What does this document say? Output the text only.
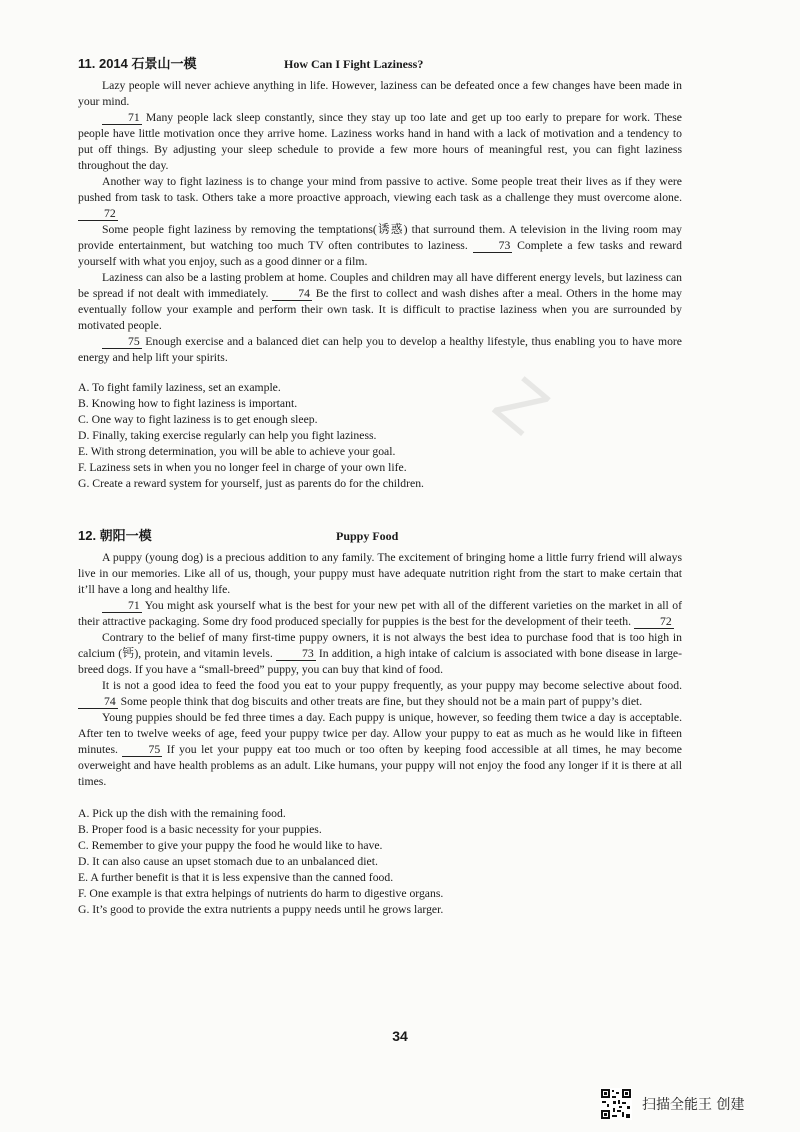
11. 2014 石景山一模	How Can I Fight Laziness?

Lazy people will never achieve anything in life. However, laziness can be defeated once a few changes have been made in your mind.

71 Many people lack sleep constantly, since they stay up too late and get up too early to prepare for work. These people have little motivation once they arrive home. Laziness works hand in hand with a lack of motivation and a tendency to put off things. By adjusting your sleep schedule to provide a few more hours of meaningful rest, you can fight laziness throughout the day.

Another way to fight laziness is to change your mind from passive to active. Some people treat their lives as if they were pushed from task to task. Others take a more proactive approach, viewing each task as a challenge they must overcome alone. 72

Some people fight laziness by removing the temptations(诱惑) that surround them. A television in the living room may provide entertainment, but watching too much TV often contributes to laziness. 73 Complete a few tasks and reward yourself with what you enjoy, such as a good dinner or a film.

Laziness can also be a lasting problem at home. Couples and children may all have different energy levels, but laziness can be spread if not dealt with immediately. 74 Be the first to collect and wash dishes after a meal. Others in the home may eventually follow your example and perform their own task. It is difficult to practise laziness when you are surrounded by motivated people.

75 Enough exercise and a balanced diet can help you to develop a healthy lifestyle, thus enabling you to have more energy and help lift your spirits.

A. To fight family laziness, set an example.

B. Knowing how to fight laziness is important.

C. One way to fight laziness is to get enough sleep.

D. Finally, taking exercise regularly can help you fight laziness.

E. With strong determination, you will be able to achieve your goal.

F. Laziness sets in when you no longer feel in charge of your own life.

G. Create a reward system for yourself, just as parents do for the children.

12. 朝阳一模	Puppy Food

A puppy (young dog) is a precious addition to any family. The excitement of bringing home a little furry friend will always live in our memories. Like all of us, though, your puppy must have adequate nutrition right from the start to make certain that it’ll have a long and healthy life.

71 You might ask yourself what is the best for your new pet with all of the different varieties on the market in all of their attractive packaging. Some dry food produced specially for puppies is the best for the development of their teeth. 72

Contrary to the belief of many first-time puppy owners, it is not always the best idea to purchase food that is too high in calcium (钙), protein, and vitamin levels. 73 In addition, a high intake of calcium is associated with bone disease in large-breed dogs. If you have a “small-breed” puppy, you can buy that kind of food.

It is not a good idea to feed the food you eat to your puppy frequently, as your puppy may become selective about food. 74 Some people think that dog biscuits and other treats are fine, but they should not be a main part of puppy’s diet.

Young puppies should be fed three times a day. Each puppy is unique, however, so feeding them twice a day is acceptable. After ten to twelve weeks of age, feed your puppy twice per day. Allow your puppy to eat as much as he would like in fifteen minutes. 75 If you let your puppy eat too much or too often by keeping food accessible at all times, he may become overweight and have health problems as an adult. Like humans, your puppy will not enjoy the food any longer if it is there at all times.

A. Pick up the dish with the remaining food.

B. Proper food is a basic necessity for your puppies.

C. Remember to give your puppy the food he would like to have.

D. It can also cause an upset stomach due to an unbalanced diet.

E. A further benefit is that it is less expensive than the canned food.

F. One example is that extra helpings of nutrients do harm to digestive organs.

G. It’s good to provide the extra nutrients a puppy needs until he grows larger.

Z
34
扫描全能王 创建
